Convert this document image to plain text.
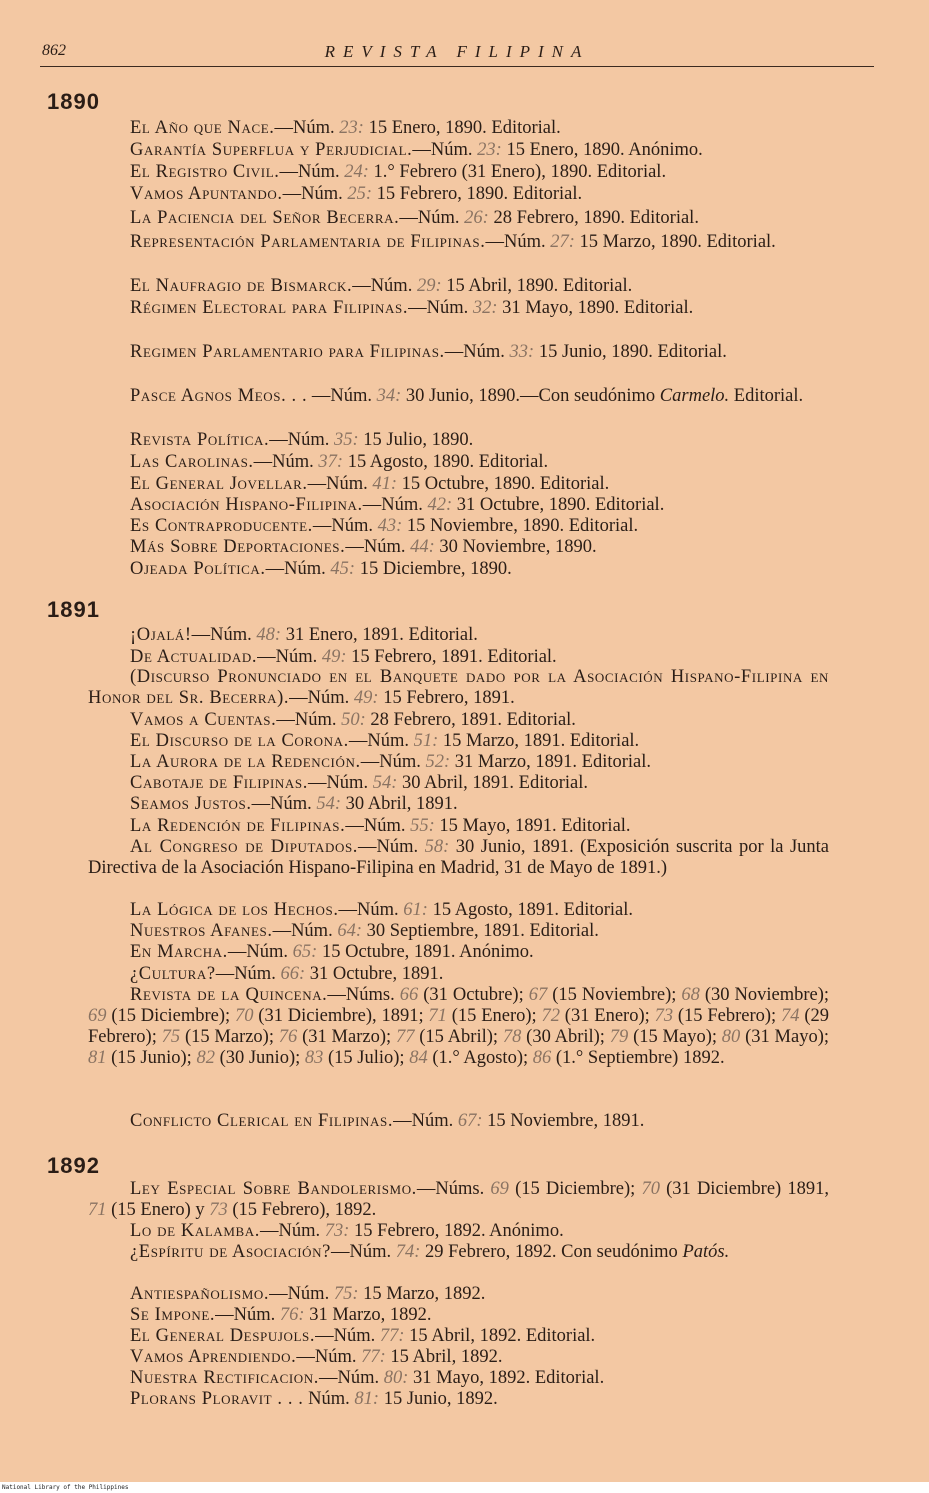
862	REVISTA FILIPINA
1890
El Año que Nace.—Núm. 23: 15 Enero, 1890. Editorial.
Garantía Superflua y Perjudicial.—Núm. 23: 15 Enero, 1890. Anónimo.
El Registro Civil.—Núm. 24: 1.° Febrero (31 Enero), 1890. Editorial.
Vamos Apuntando.—Núm. 25: 15 Febrero, 1890. Editorial.
La Paciencia del Señor Becerra.—Núm. 26: 28 Febrero, 1890. Editorial.
Representación Parlamentaria de Filipinas.—Núm. 27: 15 Marzo, 1890. Editorial.
El Naufragio de Bismarck.—Núm. 29: 15 Abril, 1890. Editorial.
Régimen Electoral para Filipinas.—Núm. 32: 31 Mayo, 1890. Editorial.
Regimen Parlamentario para Filipinas.—Núm. 33: 15 Junio, 1890. Editorial.
Pasce Agnos Meos. . . —Núm. 34: 30 Junio, 1890.—Con seudónimo Carmelo. Editorial.
Revista Política.—Núm. 35: 15 Julio, 1890.
Las Carolinas.—Núm. 37: 15 Agosto, 1890. Editorial.
El General Jovellar.—Núm. 41: 15 Octubre, 1890. Editorial.
Asociación Hispano-Filipina.—Núm. 42: 31 Octubre, 1890. Editorial.
Es Contraproducente.—Núm. 43: 15 Noviembre, 1890. Editorial.
Más Sobre Deportaciones.—Núm. 44: 30 Noviembre, 1890.
Ojeada Política.—Núm. 45: 15 Diciembre, 1890.
1891
¡Ojalá!—Núm. 48: 31 Enero, 1891. Editorial.
De Actualidad.—Núm. 49: 15 Febrero, 1891. Editorial.
(Discurso Pronunciado en el Banquete dado por la Asociación Hispano-Filipina en Honor del Sr. Becerra).—Núm. 49: 15 Febrero, 1891.
Vamos a Cuentas.—Núm. 50: 28 Febrero, 1891. Editorial.
El Discurso de la Corona.—Núm. 51: 15 Marzo, 1891. Editorial.
La Aurora de la Redención.—Núm. 52: 31 Marzo, 1891. Editorial.
Cabotaje de Filipinas.—Núm. 54: 30 Abril, 1891. Editorial.
Seamos Justos.—Núm. 54: 30 Abril, 1891.
La Redención de Filipinas.—Núm. 55: 15 Mayo, 1891. Editorial.
Al Congreso de Diputados.—Núm. 58: 30 Junio, 1891. (Exposición suscrita por la Junta Directiva de la Asociación Hispano-Filipina en Madrid, 31 de Mayo de 1891.)
La Lógica de los Hechos.—Núm. 61: 15 Agosto, 1891. Editorial.
Nuestros Afanes.—Núm. 64: 30 Septiembre, 1891. Editorial.
En Marcha.—Núm. 65: 15 Octubre, 1891. Anónimo.
¿Cultura?—Núm. 66: 31 Octubre, 1891.
Revista de la Quincena.—Núms. 66 (31 Octubre); 67 (15 Noviembre); 68 (30 Noviembre); 69 (15 Diciembre); 70 (31 Diciembre), 1891; 71 (15 Enero); 72 (31 Enero); 73 (15 Febrero); 74 (29 Febrero); 75 (15 Marzo); 76 (31 Marzo); 77 (15 Abril); 78 (30 Abril); 79 (15 Mayo); 80 (31 Mayo); 81 (15 Junio); 82 (30 Junio); 83 (15 Julio); 84 (1.° Agosto); 86 (1.° Septiembre) 1892.
Conflicto Clerical en Filipinas.—Núm. 67: 15 Noviembre, 1891.
1892
Ley Especial Sobre Bandolerismo.—Núms. 69 (15 Diciembre); 70 (31 Diciembre) 1891, 71 (15 Enero) y 73 (15 Febrero), 1892.
Lo de Kalamba.—Núm. 73: 15 Febrero, 1892. Anónimo.
¿Espíritu de Asociación?—Núm. 74: 29 Febrero, 1892. Con seudónimo Patós.
Antiespañolismo.—Núm. 75: 15 Marzo, 1892.
Se Impone.—Núm. 76: 31 Marzo, 1892.
El General Despujols.—Núm. 77: 15 Abril, 1892. Editorial.
Vamos Aprendiendo.—Núm. 77: 15 Abril, 1892.
Nuestra Rectificacion.—Núm. 80: 31 Mayo, 1892. Editorial.
Plorans Ploravit . . . Núm. 81: 15 Junio, 1892.
National Library of the Philippines
